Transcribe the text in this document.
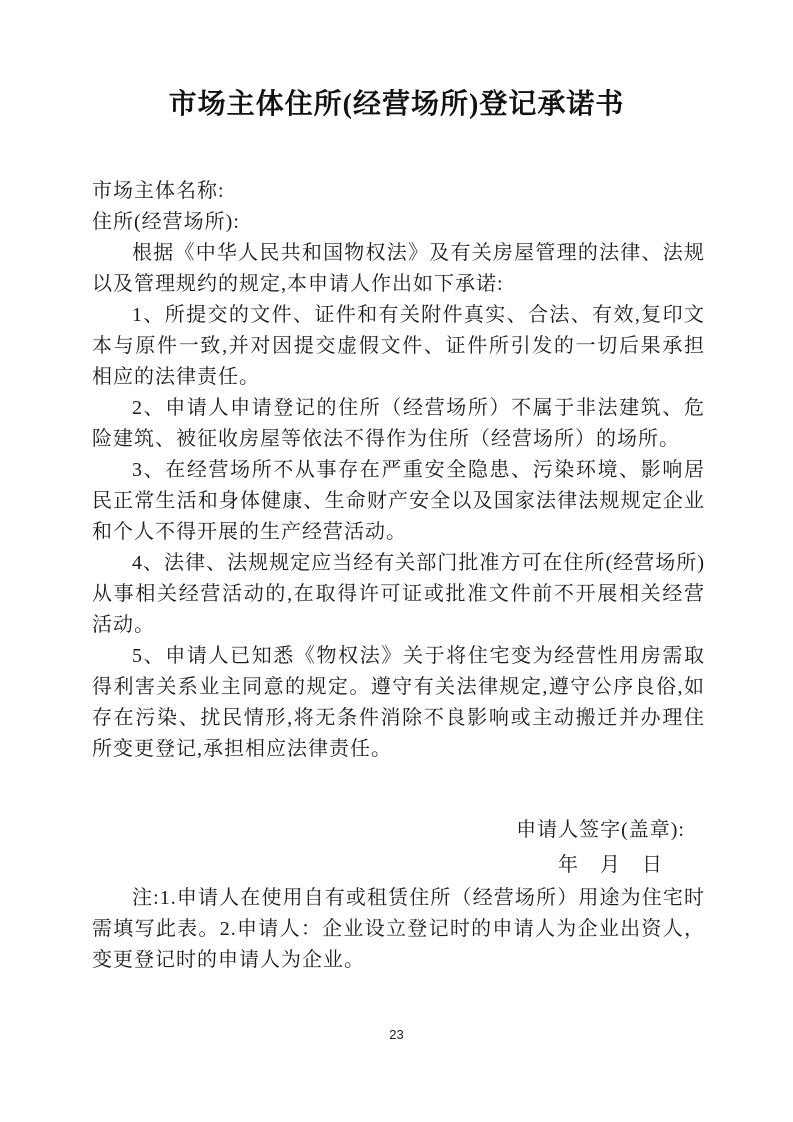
市场主体住所(经营场所)登记承诺书

市场主体名称:

住所(经营场所):

根据《中华人民共和国物权法》及有关房屋管理的法律、法规以及管理规约的规定,本申请人作出如下承诺:

1、所提交的文件、证件和有关附件真实、合法、有效,复印文本与原件一致,并对因提交虚假文件、证件所引发的一切后果承担相应的法律责任。

2、申请人申请登记的住所（经营场所）不属于非法建筑、危险建筑、被征收房屋等依法不得作为住所（经营场所）的场所。

3、在经营场所不从事存在严重安全隐患、污染环境、影响居民正常生活和身体健康、生命财产安全以及国家法律法规规定企业和个人不得开展的生产经营活动。

4、法律、法规规定应当经有关部门批准方可在住所(经营场所)从事相关经营活动的,在取得许可证或批准文件前不开展相关经营活动。

5、申请人已知悉《物权法》关于将住宅变为经营性用房需取得利害关系业主同意的规定。遵守有关法律规定,遵守公序良俗,如存在污染、扰民情形,将无条件消除不良影响或主动搬迁并办理住所变更登记,承担相应法律责任。

申请人签字(盖章):

年　月　日

注:1.申请人在使用自有或租赁住所（经营场所）用途为住宅时需填写此表。2.申请人：企业设立登记时的申请人为企业出资人，变更登记时的申请人为企业。

23
